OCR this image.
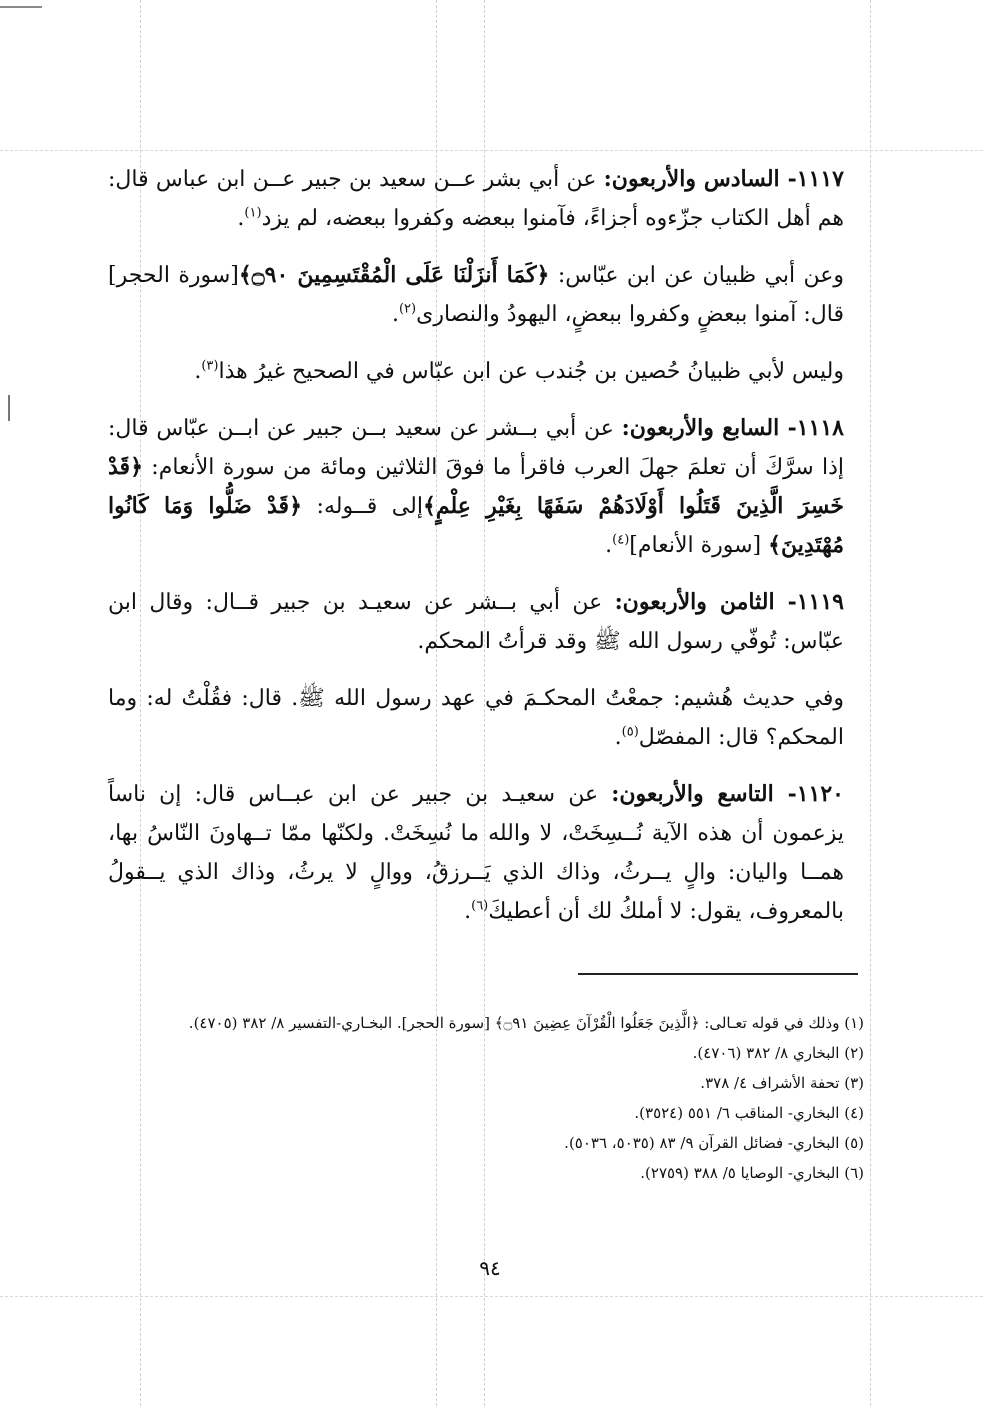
١١١٧- السادس والأربعون: عن أبي بشر عــن سعيد بن جبير عــن ابن عباس قال: هم أهل الكتاب جزّءوه أجزاءً، فآمنوا ببعضه وكفروا ببعضه، لم يزد$^{(١)}$.

وعن أبي ظبيان عن ابن عبّاس: ﴿كَمَا أَنزَلْنَا عَلَى الْمُقْتَسِمِينَ ۝٩٠﴾[سورة الحجر] قال: آمنوا ببعضٍ وكفروا ببعضٍ، اليهودُ والنصارى$^{(٢)}$.

وليس لأبي ظبيانُ حُصين بن جُندب عن ابن عبّاس في الصحيح غيرُ هذا$^{(٣)}$.

١١١٨- السابع والأربعون: عن أبي بــشر عن سعيد بــن جبير عن ابــن عبّاس قال: إذا سرَّكَ أن تعلمَ جهلَ العرب فاقرأ ما فوقَ الثلاثين ومائة من سورة الأنعام: ﴿قَدْ خَسِرَ الَّذِينَ قَتَلُوا أَوْلَادَهُمْ سَفَهًا بِغَيْرِ عِلْمٍ﴾إلى قــوله: ﴿قَدْ ضَلُّوا وَمَا كَانُوا مُهْتَدِينَ﴾ [سورة الأنعام]$^{(٤)}$.

١١١٩- الثامن والأربعون: عن أبي بــشر عن سعيـد بن جبير قــال: وقال ابن عبّاس: تُوفّي رسول الله ﷺ وقد قرأتُ المحكم.

وفي حديث هُشيم: جمعْتُ المحكـمَ في عهد رسول الله ﷺ. قال: فقُلْتُ له: وما المحكم؟ قال: المفصّل$^{(٥)}$.

١١٢٠- التاسع والأربعون: عن سعيـد بن جبير عن ابن عبــاس قال: إن ناساً يزعمون أن هذه الآية نُــسِخَتْ، لا والله ما نُسِخَتْ. ولكنّها ممّا تــهاونَ النّاسُ بها، همــا واليان: والٍ يــرثُ، وذاك الذي يَــرزقُ، ووالٍ لا يرثُ، وذاك الذي يــقولُ بالمعروف، يقول: لا أملكُ لك أن أعطيكَ$^{(٦)}$.

(١) وذلك في قوله تعـالى: ﴿الَّذِينَ جَعَلُوا الْقُرْآنَ عِضِينَ ۝٩١﴾ [سورة الحجر]. البخـاري-التفسير ٨/ ٣٨٢ (٤٧٠٥).

(٢) البخاري ٨/ ٣٨٢ (٤٧٠٦).

(٣) تحفة الأشراف ٤/ ٣٧٨.

(٤) البخاري- المناقب ٦/ ٥٥١ (٣٥٢٤).

(٥) البخاري- فضائل القرآن ٩/ ٨٣ (٥٠٣٥، ٥٠٣٦).

(٦) البخاري- الوصايا ٥/ ٣٨٨ (٢٧٥٩).

٩٤
